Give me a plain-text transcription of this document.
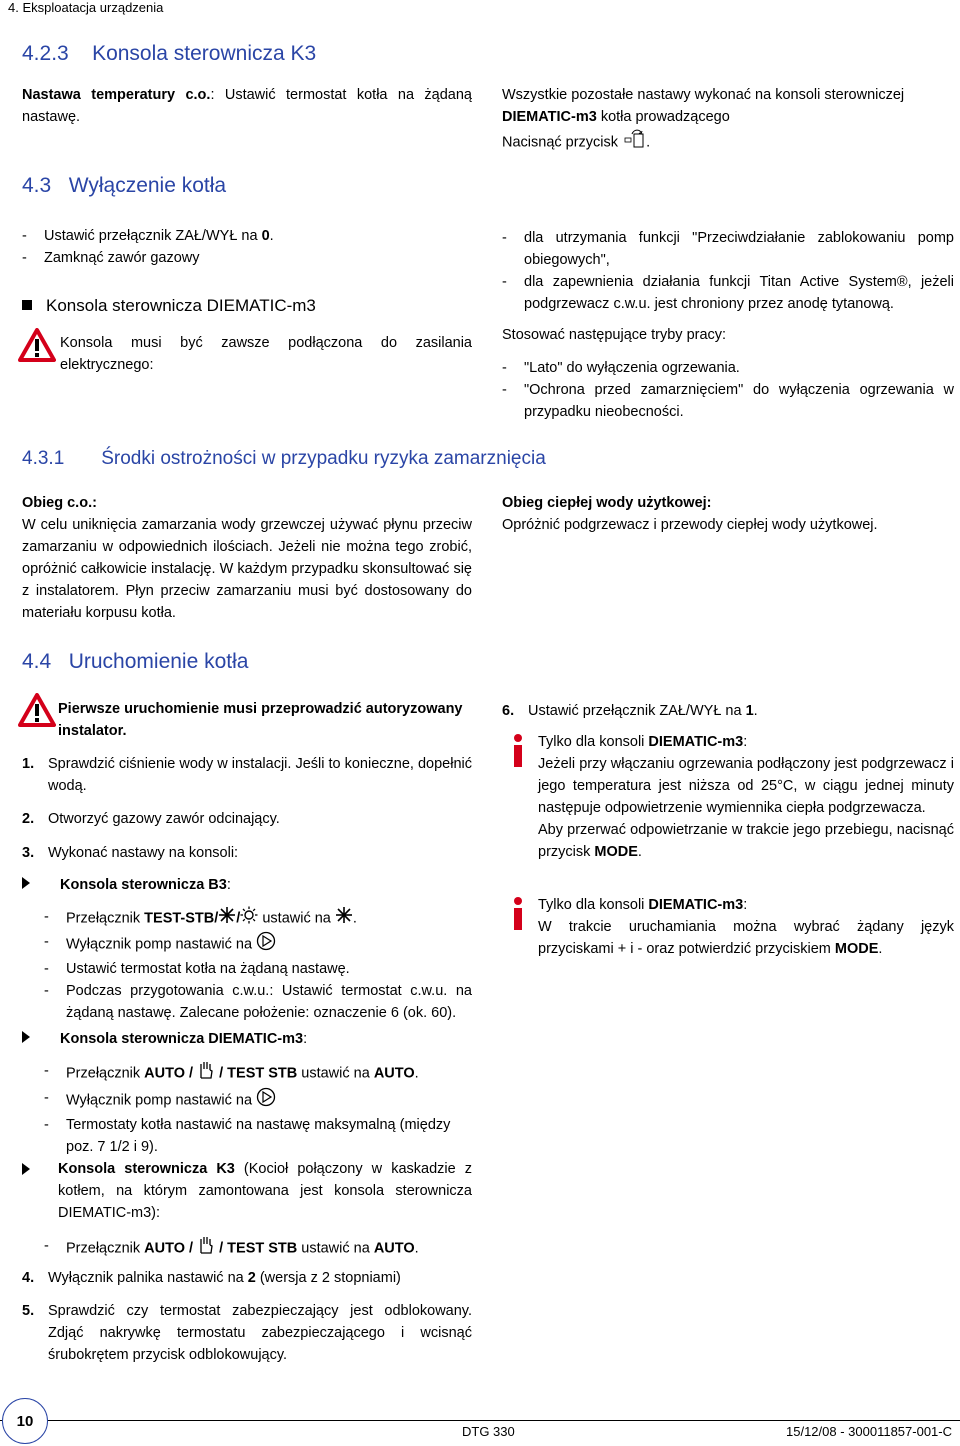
4. Eksploatacja urządzenia
4.2.3 Konsola sterownicza K3
Nastawa temperatury c.o.: Ustawić termostat kotła na żądaną nastawę.
Wszystkie pozostałe nastawy wykonać na konsoli sterowniczej
DIEMATIC-m3 kotła prowadzącego
Nacisnąć przycisk .
4.3 Wyłączenie kotła
- Ustawić przełącznik ZAŁ/WYŁ na 0.
- Zamknąć zawór gazowy
Konsola sterownicza DIEMATIC-m3
Konsola musi być zawsze podłączona do zasilania elektrycznego:
- dla utrzymania funkcji "Przeciwdziałanie zablokowaniu pomp obiegowych",
- dla zapewnienia działania funkcji Titan Active System®, jeżeli podgrzewacz c.w.u. jest chroniony przez anodę tytanową.
Stosować następujące tryby pracy:
- "Lato" do wyłączenia ogrzewania.
- "Ochrona przed zamarznięciem" do wyłączenia ogrzewania w przypadku nieobecności.
4.3.1 Środki ostrożności w przypadku ryzyka zamarznięcia
Obieg c.o.:
W celu uniknięcia zamarzania wody grzewczej używać płynu przeciw zamarzaniu w odpowiednich ilościach. Jeżeli nie można tego zrobić, opróżnić całkowicie instalację. W każdym przypadku skonsultować się z instalatorem. Płyn przeciw zamarzaniu musi być dostosowany do materiału korpusu kotła.
Obieg ciepłej wody użytkowej:
Opróżnić podgrzewacz i przewody ciepłej wody użytkowej.
4.4 Uruchomienie kotła
Pierwsze uruchomienie musi przeprowadzić autoryzowany instalator.
1. Sprawdzić ciśnienie wody w instalacji. Jeśli to konieczne, dopełnić wodą.
2. Otworzyć gazowy zawór odcinający.
3. Wykonać nastawy na konsoli:
Konsola sterownicza B3:
- Przełącznik TEST-STB/ / ustawić na .
- Wyłącznik pomp nastawić na
- Ustawić termostat kotła na żądaną nastawę.
- Podczas przygotowania c.w.u.: Ustawić termostat c.w.u. na żądaną nastawę. Zalecane położenie: oznaczenie 6 (ok. 60).
Konsola sterownicza DIEMATIC-m3:
- Przełącznik AUTO /  / TEST STB ustawić na AUTO.
- Wyłącznik pomp nastawić na
- Termostaty kotła nastawić na nastawę maksymalną (między poz. 7 1/2 i 9).
Konsola sterownicza K3 (Kocioł połączony w kaskadzie z kotłem, na którym zamontowana jest konsola sterownicza DIEMATIC-m3):
- Przełącznik AUTO /  / TEST STB ustawić na AUTO.
4. Wyłącznik palnika nastawić na 2 (wersja z 2 stopniami)
5. Sprawdzić czy termostat zabezpieczający jest odblokowany. Zdjąć nakrywkę termostatu zabezpieczającego i wcisnąć śrubokrętem przycisk odblokowujący.
6. Ustawić przełącznik ZAŁ/WYŁ na 1.
Tylko dla konsoli DIEMATIC-m3:
Jeżeli przy włączaniu ogrzewania podłączony jest podgrzewacz i jego temperatura jest niższa od 25°C, w ciągu jednej minuty następuje odpowietrzenie wymiennika ciepła podgrzewacza.
Aby przerwać odpowietrzanie w trakcie jego przebiegu, nacisnąć przycisk MODE.
Tylko dla konsoli DIEMATIC-m3:
W trakcie uruchamiania można wybrać żądany język przyciskami + i - oraz potwierdzić przyciskiem MODE.
10
DTG 330	15/12/08 - 300011857-001-C
